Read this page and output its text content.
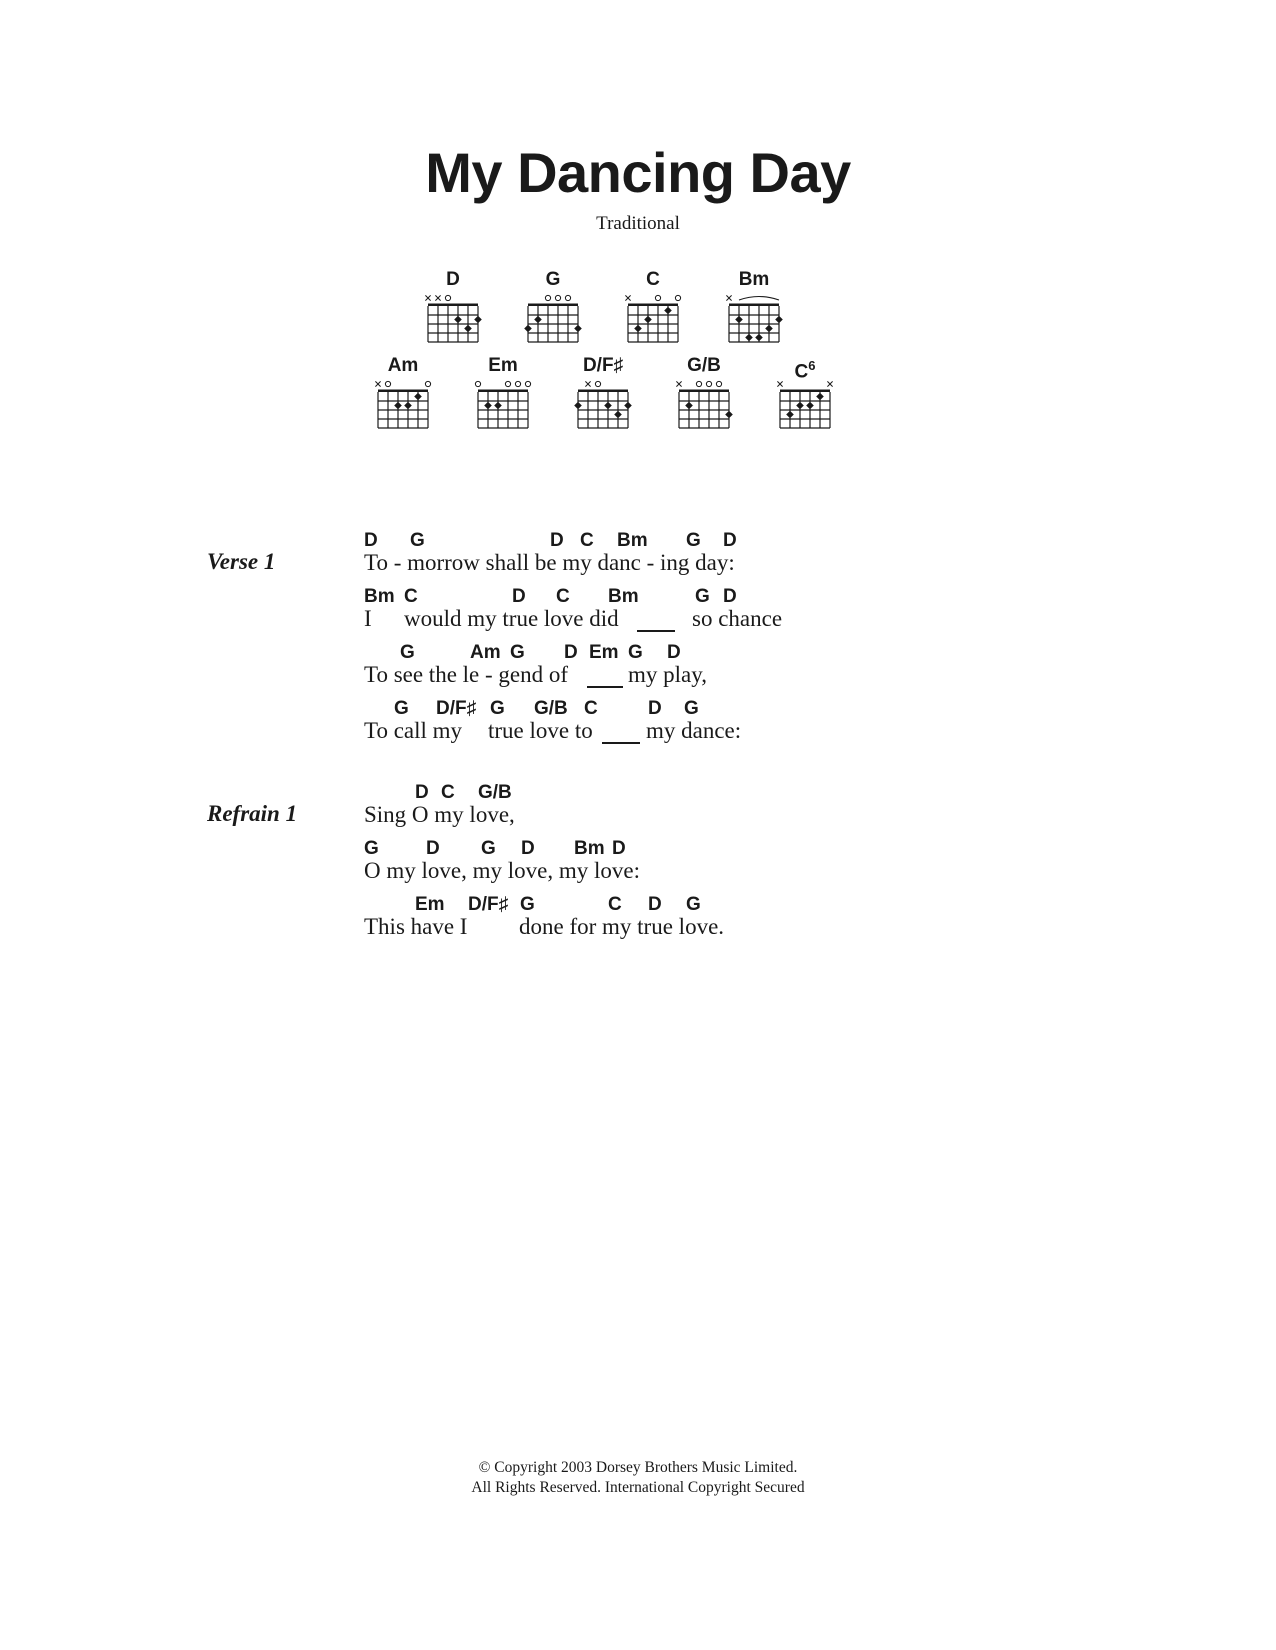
My Dancing Day
Traditional
D	G	C	Bm
Am	Em	D/F♯	G/B	$C^6$
Verse 1
D G	D C Bm G D
To - morrow shall be my danc - ing day:
Bm C	D C Bm	G D
I would my true love did	so chance
G	Am G D Em G D
To see the le - gend of	my play,
G D/F♯ G G/B C	D G
To call my true love to my dance:
Refrain 1
D C G/B
Sing O my love,
G D G D Bm D
O my love, my love, my love:
Em D/F♯ G	C D G
This have I done for my true love.
© Copyright 2003 Dorsey Brothers Music Limited.
All Rights Reserved. International Copyright Secured
